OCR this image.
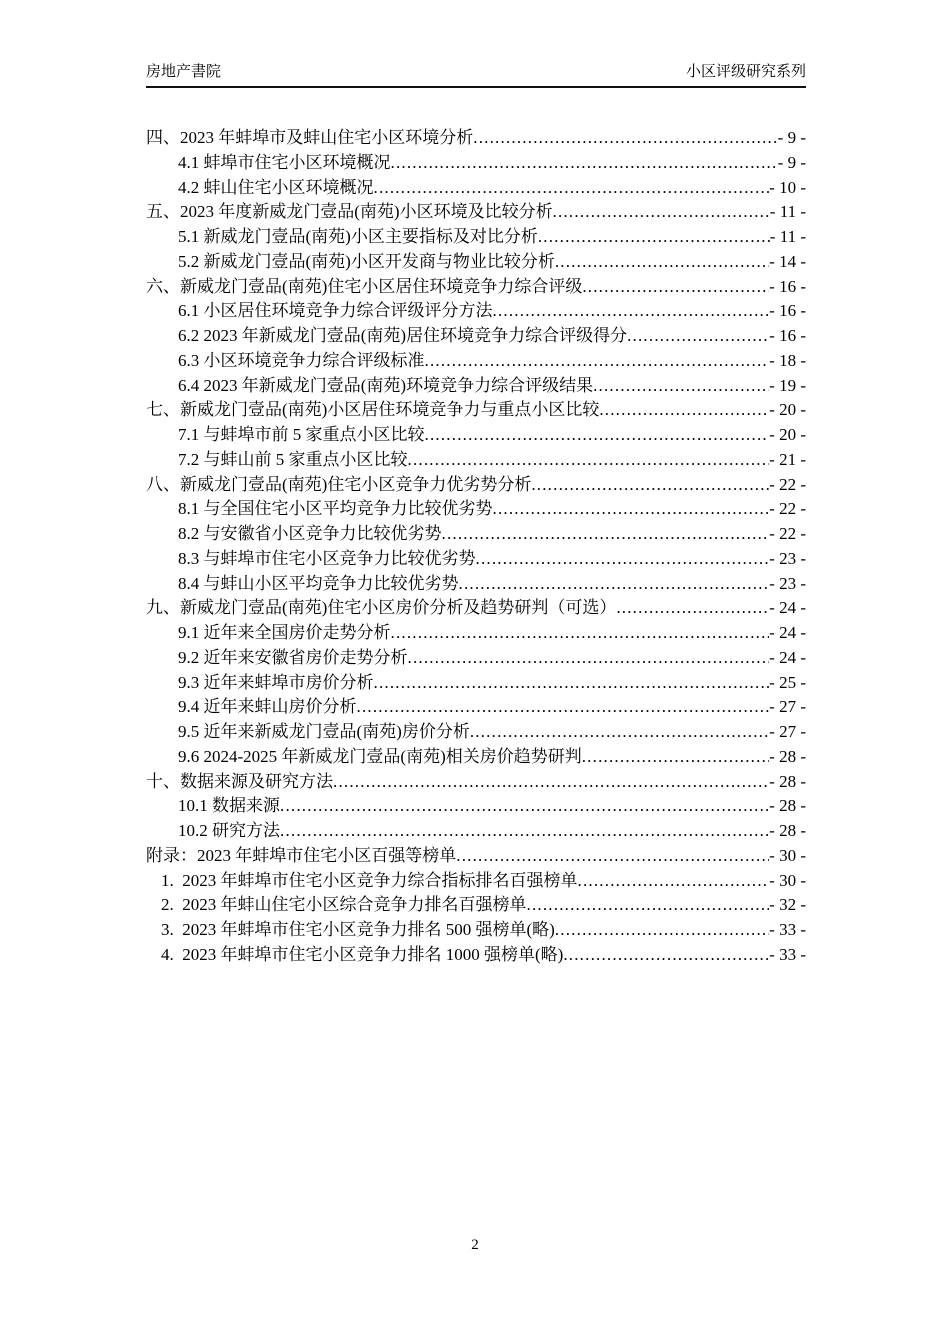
房地产書院	小区评级研究系列
四、2023 年蚌埠市及蚌山住宅小区环境分析 .....	- 9 -
4.1 蚌埠市住宅小区环境概况 .....	- 9 -
4.2 蚌山住宅小区环境概况 .....	- 10 -
五、2023 年度新威龙门壹品(南苑)小区环境及比较分析 .....	- 11 -
5.1 新威龙门壹品(南苑)小区主要指标及对比分析 .....	- 11 -
5.2 新威龙门壹品(南苑)小区开发商与物业比较分析 .....	- 14 -
六、新威龙门壹品(南苑)住宅小区居住环境竞争力综合评级 .....	- 16 -
6.1 小区居住环境竞争力综合评级评分方法 .....	- 16 -
6.2 2023 年新威龙门壹品(南苑)居住环境竞争力综合评级得分 .....	- 16 -
6.3 小区环境竞争力综合评级标准 .....	- 18 -
6.4 2023 年新威龙门壹品(南苑)环境竞争力综合评级结果 .....	- 19 -
七、新威龙门壹品(南苑)小区居住环境竞争力与重点小区比较 .....	- 20 -
7.1 与蚌埠市前 5 家重点小区比较 .....	- 20 -
7.2 与蚌山前 5 家重点小区比较 .....	- 21 -
八、新威龙门壹品(南苑)住宅小区竞争力优劣势分析 .....	- 22 -
8.1 与全国住宅小区平均竞争力比较优劣势 .....	- 22 -
8.2 与安徽省小区竞争力比较优劣势 .....	- 22 -
8.3 与蚌埠市住宅小区竞争力比较优劣势 .....	- 23 -
8.4 与蚌山小区平均竞争力比较优劣势 .....	- 23 -
九、新威龙门壹品(南苑)住宅小区房价分析及趋势研判（可选） .....	- 24 -
9.1 近年来全国房价走势分析 .....	- 24 -
9.2 近年来安徽省房价走势分析 .....	- 24 -
9.3 近年来蚌埠市房价分析 .....	- 25 -
9.4 近年来蚌山房价分析 .....	- 27 -
9.5 近年来新威龙门壹品(南苑)房价分析 .....	- 27 -
9.6 2024-2025 年新威龙门壹品(南苑)相关房价趋势研判 .....	- 28 -
十、数据来源及研究方法 .....	- 28 -
10.1 数据来源 .....	- 28 -
10.2 研究方法 .....	- 28 -
附录：2023 年蚌埠市住宅小区百强等榜单 .....	- 30 -
1.  2023 年蚌埠市住宅小区竞争力综合指标排名百强榜单 .....	- 30 -
2.  2023 年蚌山住宅小区综合竞争力排名百强榜单 .....	- 32 -
3.  2023 年蚌埠市住宅小区竞争力排名 500 强榜单(略) .....	- 33 -
4.  2023 年蚌埠市住宅小区竞争力排名 1000 强榜单(略) .....	- 33 -
2
